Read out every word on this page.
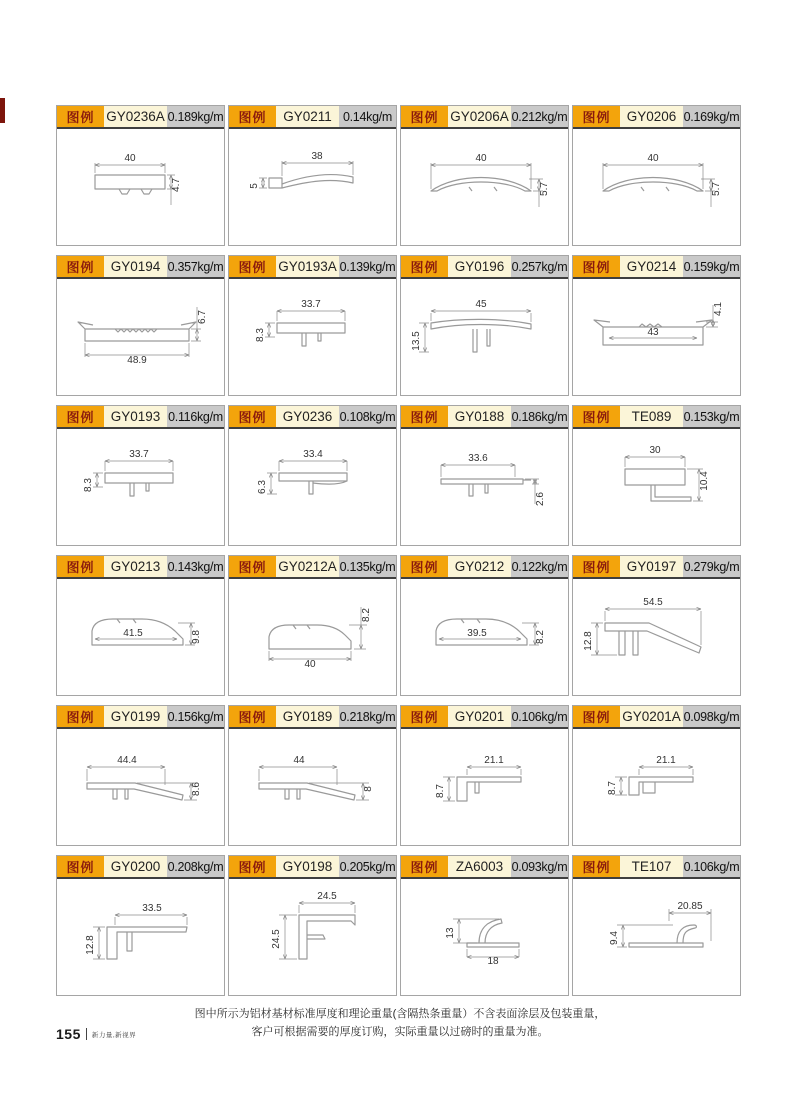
图例 GY0236A 0.189kg/m
40
4.7
图例	GY0211 0.14kg/m
38
5
图例 GY0206A 0.212kg/m
40
5.7
图例	GY0206 0.169kg/m
40
5.7
图例	GY0194 0.357kg/m
48.9
6.7
图例 GY0193A 0.139kg/m
33.7
8.3
图例	GY0196 0.257kg/m
45
13.5
图例	GY0214 0.159kg/m
43
4.1
图例	GY0193 0.116kg/m
33.7
8.3
图例	GY0236 0.108kg/m
33.4
6.3
图例	GY0188 0.186kg/m
33.6
2.6
图例	TE089 0.153kg/m
30
10.4
图例	GY0213 0.143kg/m
41.5	9.8
图例 GY0212A 0.135kg/m
40
8.2
图例	GY0212 0.122kg/m
39.5	8.2
图例	GY0197 0.279kg/m
54.5
12.8
图例	GY0199 0.156kg/m
44.4
8.6
图例	GY0189 0.218kg/m
44
8
图例	GY0201 0.106kg/m
21.1
8.7
图例 GY0201A 0.098kg/m
21.1
8.7
图例	GY0200 0.208kg/m
33.5
12.8
图例	GY0198 0.205kg/m
24.5
24.5
图例	ZA6003 0.093kg/m
18
13
图例	TE107 0.106kg/m
20.85
9.4
图中所示为铝材基材标准厚度和理论重量(含隔热条重量）不含表面涂层及包装重量，
客户可根据需要的厚度订购，实际重量以过磅时的重量为准。
155 新力量,新视界
